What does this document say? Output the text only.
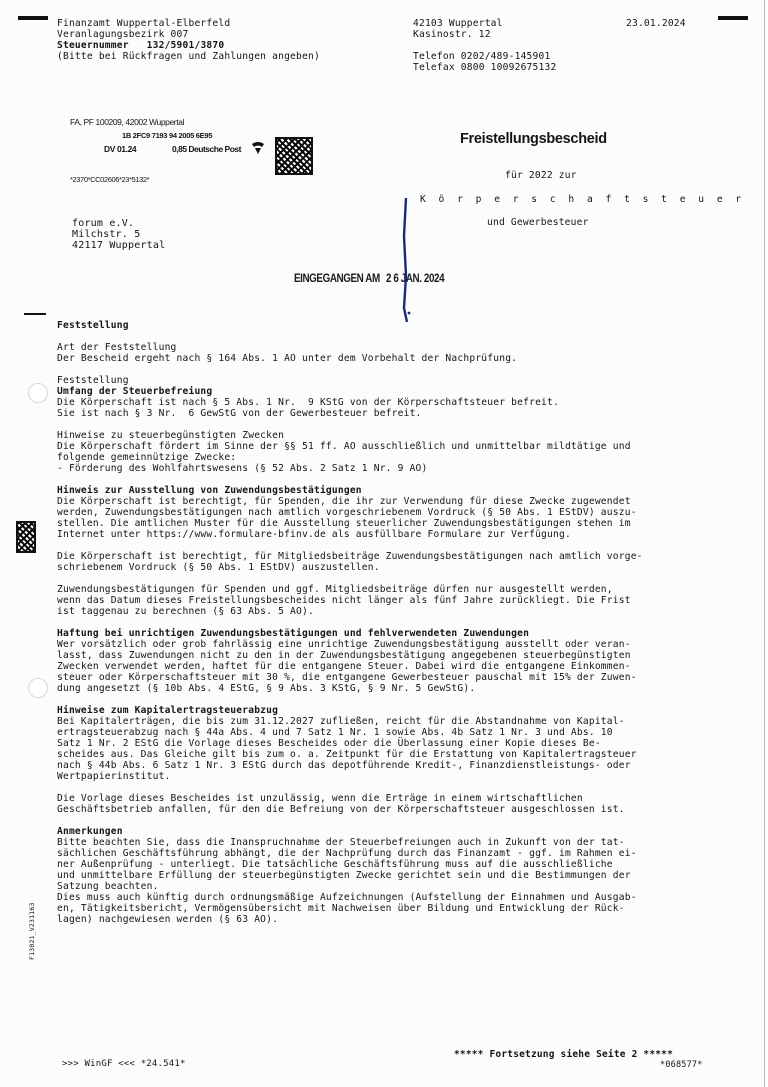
Finanzamt Wuppertal-Elberfeld
Veranlagungsbezirk 007
Steuernummer 132/5901/3870
(Bitte bei Rückfragen und Zahlungen angeben)
42103 Wuppertal
Kasinostr. 12
Telefon 0202/489-145901
Telefax 0800 10092675132
23.01.2024
FA, PF 100209, 42002 Wuppertal
1B 2FC9 7193 94 2005 6E95
DV 01.24	0,85 Deutsche Post
*2370*CC02606*23*5132*
forum e.V.
Milchstr. 5
42117 Wuppertal
Freistellungsbescheid
für 2022 zur
K ö r p e r s c h a f t s t e u e r
und Gewerbesteuer
EINGEGANGEN AM 2 6 JAN. 2024
Feststellung
Art der Feststellung
Der Bescheid ergeht nach § 164 Abs. 1 AO unter dem Vorbehalt der Nachprüfung.
Feststellung
Umfang der Steuerbefreiung
Die Körperschaft ist nach § 5 Abs. 1 Nr.  9 KStG von der Körperschaftsteuer befreit.
Sie ist nach § 3 Nr.  6 GewStG von der Gewerbesteuer befreit.
Hinweise zu steuerbegünstigten Zwecken
Die Körperschaft fördert im Sinne der §§ 51 ff. AO ausschließlich und unmittelbar mildtätige und
folgende gemeinnützige Zwecke:
- Förderung des Wohlfahrtswesens (§ 52 Abs. 2 Satz 1 Nr. 9 AO)
Hinweis zur Ausstellung von Zuwendungsbestätigungen
Die Körperschaft ist berechtigt, für Spenden, die ihr zur Verwendung für diese Zwecke zugewendet
werden, Zuwendungsbestätigungen nach amtlich vorgeschriebenem Vordruck (§ 50 Abs. 1 EStDV) auszu-
stellen. Die amtlichen Muster für die Ausstellung steuerlicher Zuwendungsbestätigungen stehen im
Internet unter https://www.formulare-bfinv.de als ausfüllbare Formulare zur Verfügung.
Die Körperschaft ist berechtigt, für Mitgliedsbeiträge Zuwendungsbestätigungen nach amtlich vorge-
schriebenem Vordruck (§ 50 Abs. 1 EStDV) auszustellen.
Zuwendungsbestätigungen für Spenden und ggf. Mitgliedsbeiträge dürfen nur ausgestellt werden,
wenn das Datum dieses Freistellungsbescheides nicht länger als fünf Jahre zurückliegt. Die Frist
ist taggenau zu berechnen (§ 63 Abs. 5 AO).
Haftung bei unrichtigen Zuwendungsbestätigungen und fehlverwendeten Zuwendungen
Wer vorsätzlich oder grob fahrlässig eine unrichtige Zuwendungsbestätigung ausstellt oder veran-
lasst, dass Zuwendungen nicht zu den in der Zuwendungsbestätigung angegebenen steuerbegünstigten
Zwecken verwendet werden, haftet für die entgangene Steuer. Dabei wird die entgangene Einkommen-
steuer oder Körperschaftsteuer mit 30 %, die entgangene Gewerbesteuer pauschal mit 15% der Zuwen-
dung angesetzt (§ 10b Abs. 4 EStG, § 9 Abs. 3 KStG, § 9 Nr. 5 GewStG).
Hinweise zum Kapitalertragsteuerabzug
Bei Kapitalerträgen, die bis zum 31.12.2027 zufließen, reicht für die Abstandnahme von Kapital-
ertragsteuerabzug nach § 44a Abs. 4 und 7 Satz 1 Nr. 1 sowie Abs. 4b Satz 1 Nr. 3 und Abs. 10
Satz 1 Nr. 2 EStG die Vorlage dieses Bescheides oder die Überlassung einer Kopie dieses Be-
scheides aus. Das Gleiche gilt bis zum o. a. Zeitpunkt für die Erstattung von Kapitalertragsteuer
nach § 44b Abs. 6 Satz 1 Nr. 3 EStG durch das depotführende Kredit-, Finanzdienstleistungs- oder
Wertpapierinstitut.
Die Vorlage dieses Bescheides ist unzulässig, wenn die Erträge in einem wirtschaftlichen
Geschäftsbetrieb anfallen, für den die Befreiung von der Körperschaftsteuer ausgeschlossen ist.
Anmerkungen
Bitte beachten Sie, dass die Inanspruchnahme der Steuerbefreiungen auch in Zukunft von der tat-
sächlichen Geschäftsführung abhängt, die der Nachprüfung durch das Finanzamt - ggf. im Rahmen ei-
ner Außenprüfung - unterliegt. Die tatsächliche Geschäftsführung muss auf die ausschließliche
und unmittelbare Erfüllung der steuerbegünstigten Zwecke gerichtet sein und die Bestimmungen der
Satzung beachten.
Dies muss auch künftig durch ordnungsmäßige Aufzeichnungen (Aufstellung der Einnahmen und Ausgab-
en, Tätigkeitsbericht, Vermögensübersicht mit Nachweisen über Bildung und Entwicklung der Rück-
lagen) nachgewiesen werden (§ 63 AO).
F13021_V231163
>>> WinGF <<< *24.541*
***** Fortsetzung siehe Seite 2 *****
*068577*
